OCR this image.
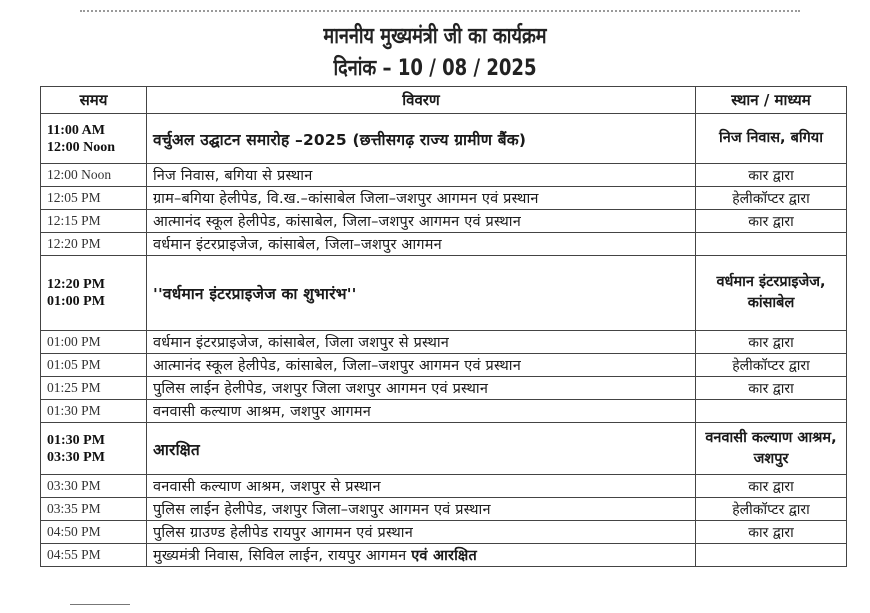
माननीय मुख्यमंत्री जी का कार्यक्रम
दिनांक – 10 / 08 / 2025
समय	विवरण	स्थान / माध्यम

11:00 AM
12:00 Noon	वर्चुअल उद्घाटन समारोह –2025 (छत्तीसगढ़ राज्य ग्रामीण बैंक)	निज निवास, बगिया
12:00 Noon	निज निवास, बगिया से प्रस्थान	कार द्वारा
12:05 PM	ग्राम–बगिया हेलीपेड, वि.ख.–कांसाबेल जिला–जशपुर आगमन एवं प्रस्थान	हेलीकॉप्टर द्वारा
12:15 PM	आत्मानंद स्कूल हेलीपेड, कांसाबेल, जिला–जशपुर आगमन एवं प्रस्थान	कार द्वारा
12:20 PM	वर्धमान इंटरप्राइजेज, कांसाबेल, जिला–जशपुर आगमन	

12:20 PM
01:00 PM	''वर्धमान इंटरप्राइजेज का शुभारंभ''	वर्धमान इंटरप्राइजेज, कांसाबेल
01:00 PM	वर्धमान इंटरप्राइजेज, कांसाबेल, जिला जशपुर से प्रस्थान	कार द्वारा
01:05 PM	आत्मानंद स्कूल हेलीपेड, कांसाबेल, जिला–जशपुर आगमन एवं प्रस्थान	हेलीकॉप्टर द्वारा
01:25 PM	पुलिस लाईन हेलीपेड, जशपुर जिला जशपुर आगमन एवं प्रस्थान	कार द्वारा
01:30 PM	वनवासी कल्याण आश्रम, जशपुर आगमन	

01:30 PM
03:30 PM	आरक्षित	वनवासी कल्याण आश्रम, जशपुर
03:30 PM	वनवासी कल्याण आश्रम, जशपुर से प्रस्थान	कार द्वारा
03:35 PM	पुलिस लाईन हेलीपेड, जशपुर जिला–जशपुर आगमन एवं प्रस्थान	हेलीकॉप्टर द्वारा
04:50 PM	पुलिस ग्राउण्ड हेलीपेड रायपुर आगमन एवं प्रस्थान	कार द्वारा
04:55 PM	मुख्यमंत्री निवास, सिविल लाईन, रायपुर आगमन एवं आरक्षित	
